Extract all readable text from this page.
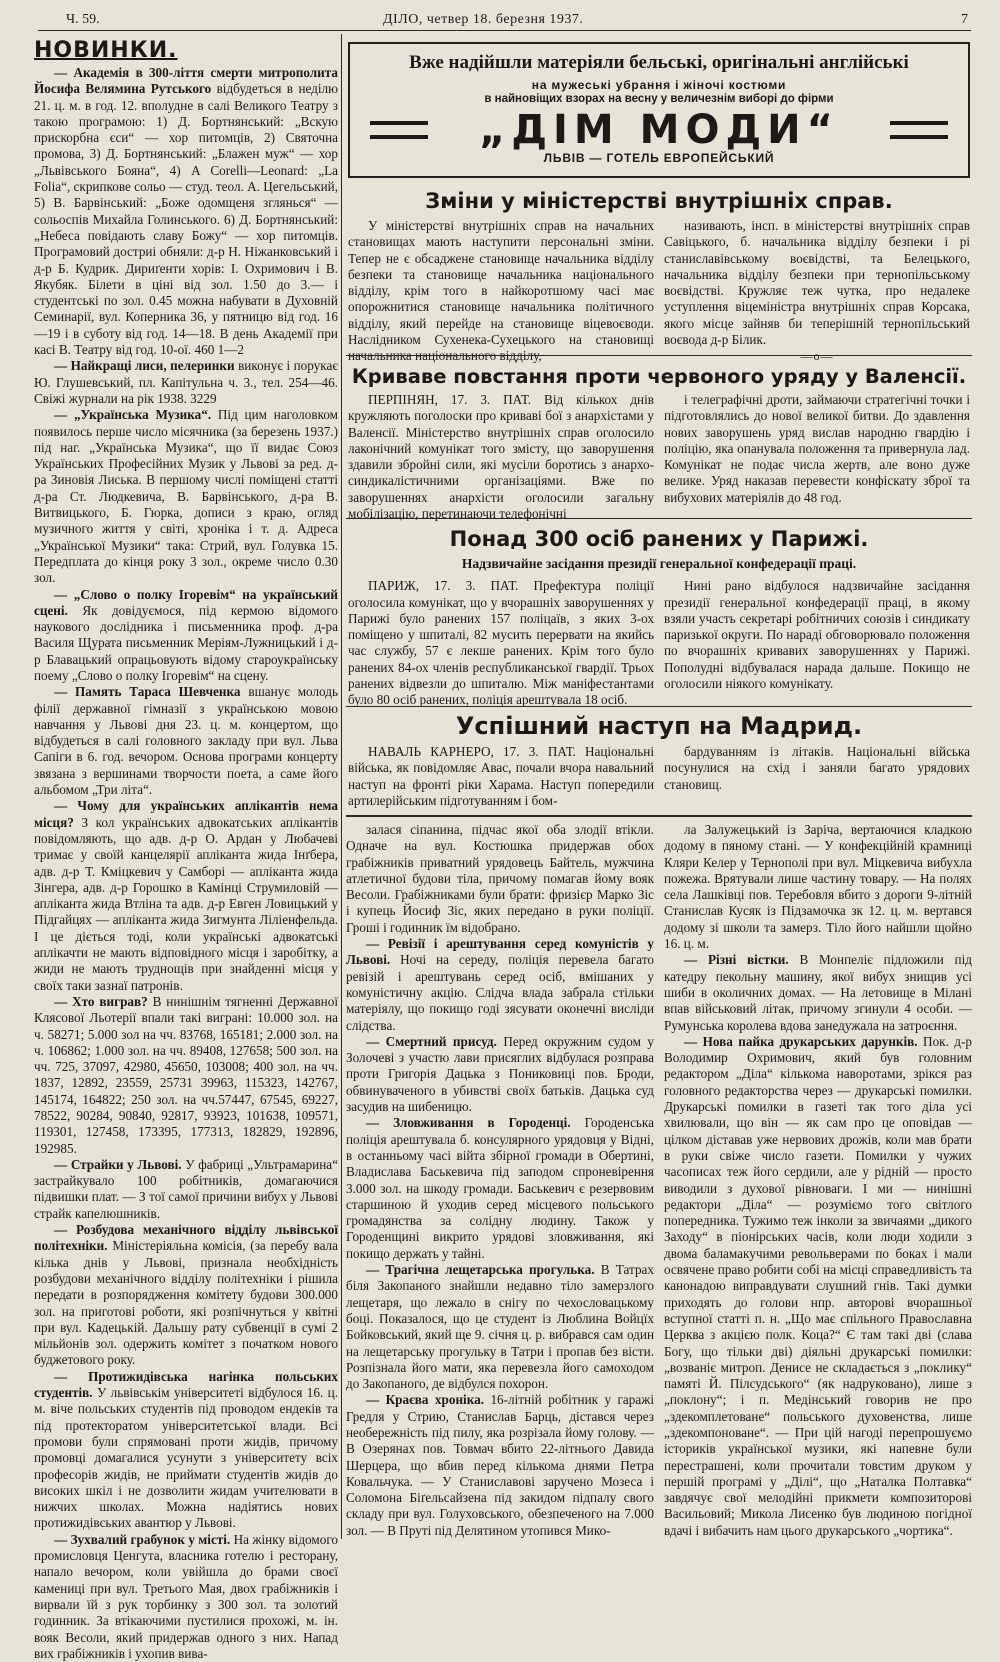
Ч. 59.	ДІЛО, четвер 18. березня 1937.	7
НОВИНКИ.

— Академія в 300-ліття смерти митрополита Йосифа Велямина Рутського відбудеться в неділю 21. ц. м. в год. 12. вполудне в салі Великого Театру з такою програмою: 1) Д. Бортнянський: „Вскую прискорбна єси“ — хор питомців, 2) Святочна промова, 3) Д. Бортнянський: „Блажен муж“ — хор „Львівського Бояна“, 4) A Corelli—Leonard: „La Folia“, скрипкове сольо — студ. теол. А. Цегельський, 5) В. Барвінський: „Боже одомщеня зглянься“ — сольоспів Михайла Голинського. 6) Д. Бортнянський: „Небеса повідають славу Божу“ — хор питомців. Програмовий достриі обняли: д-р Н. Ніжанковський і д-р Б. Кудрик. Дириґенти хорів: І. Охримович і В. Якубяк. Білети в ціні від зол. 1.50 до 3.— і студентські по зол. 0.45 можна набувати в Духовній Семинарії, вул. Коперника 36, у пятницю від год. 16—19 і в суботу від год. 14—18. В день Академії при касі В. Театру від год. 10-ої. 460 1—2

— Найкращі лиси, пелеринки виконує і порукає Ю. Глушевський, пл. Капітульна ч. 3., тел. 254—46. Свіжі журнали на рік 1938. 3229

— „Українська Музика“. Під цим наголовком появилось перше число місячника (за березень 1937.) під наг. „Українська Музика“, що її видає Союз Українських Професійних Музик у Львові за ред. д-ра Зиновія Лиська. В першому числі поміщені статті д-ра Ст. Людкевича, В. Барвінського, д-ра В. Витвицького, Б. Гюрка, дописи з краю, огляд музичного життя у світі, хроніка і т. д. Адреса „Української Музики“ така: Стрий, вул. Голувка 15. Передплата до кінця року 3 зол., окреме число 0.30 зол.

— „Слово о полку Ігоревім“ на український сцені. Як довідуємося, під кермою відомого наукового дослідника і письменника проф. д-ра Василя Щурата письменник Меріям-Лужницький і д-р Блавацький опрацьовують відому староукраїнську поему „Слово о полку Ігоревім“ на сцену.

— Память Тараса Шевченка вшанує молодь філії державної гімназії з українською мовою навчання у Львові дня 23. ц. м. концертом, що відбудеться в салі головного закладу при вул. Льва Сапіги в 6. год. вечором. Основа програми концерту звязана з вершинами творчости поета, а саме його альбомом „Три літа“.

— Чому для українських аплікантів нема місця? З кол українських адвокатських аплікантів повідомляють, що адв. д-р О. Ардан у Любачеві тримає у своїй канцелярії апліканта жида Інґбера, адв. д-р Т. Кміцкевич у Самборі — апліканта жида Зінгера, адв. д-р Горошко в Камінці Струмиловій — апліканта жида Втліна та адв. д-р Евген Ловицький у Підгайцях — апліканта жида Зигмунта Ліліенфельда. І це діється тоді, коли українські адвокатські аплікачти не мають відповідного місця і заробітку, а жиди не мають труднощів при знайденні місця у своїх таки зазнаї патронів.

— Хто виграв? В нинішнім тягненні Державної Клясової Льотерії впали такі виграні: 10.000 зол. на ч. 58271; 5.000 зол на чч. 83768, 165181; 2.000 зол. на ч. 106862; 1.000 зол. на чч. 89408, 127658; 500 зол. на чч. 725, 37097, 42980, 45650, 103008; 400 зол. на чч. 1837, 12892, 23559, 25731 39963, 115323, 142767, 145174, 164822; 250 зол. на чч.57447, 67545, 69227, 78522, 90284, 90840, 92817, 93923, 101638, 109571, 119301, 127458, 173395, 177313, 182829, 192896, 192985.

— Страйки у Львові. У фабриці „Ультрамарина“ застрайкувало 100 робітників, домагаючися підвишки плат. — З тої самої причини вибух у Львові страйк капелюшників.

— Розбудова механічного відділу львівської політехніки. Міністеріяльна комісія, (за перебу вала кілька днів у Львові, признала необхідність розбудови механічного відділу політехніки і рішила передати в розпорядження комітету будови 300.000 зол. на приготові роботи, які розпічнуться у квітні при вул. Кадецькій. Дальшу рату субвенції в сумі 2 мільйонів зол. одержить комітет з початком нового буджетового року.

— Протижидівська нагінка польських студентів. У львівськім університеті відбулося 16. ц. м. віче польських студентів під проводом ендеків та під протекторатом університетської влади. Всі промови були спрямовані проти жидів, причому промовці домагалися усунути з університету всіх професорів жидів, не приймати студентів жидів до високих шкіл і не дозволити жидам учителювати в нижчих школах. Можна надіятись нових протижидівських авантюр у Львові.

— Зухвалий грабунок у місті. На жінку відомого промисловця Ценгута, власника готелю і ресторану, напало вечором, коли увійшла до брами своєї камениці при вул. Третього Мая, двох грабіжників і вирвали їй з рук торбинку з 300 зол. та золотий годинник. За втікаючими пустилися прохожі, м. ін. вояк Весоли, який придержав одного з них. Напад вих грабіжників і ухопив вива-

Вже надійшли матеріяли бельські, оригінальні англійські
на мужеські убрання і жіночі костюми
в найновіщих взорах на весну у величезнім виборі до фірми
„ДІМ МОДИ“
ЛЬВІВ — ГОТЕЛЬ ЕВРОПЕЙСЬКИЙ
Зміни у міністерстві внутрішніх справ.

У міністерстві внутрішніх справ на начальних становищах мають наступити персональні зміни. Тепер не є обсаджене становище начальника відділу безпеки та становище начальника національного відділу, крім того в найкоротшому часі має опорожнитися становище начальника політичного відділу, який перейде на становище віцевоєводи. Наслідником Сухенека-Сухецького на становищі начальника національного відділу,

називають, інсп. в міністерстві внутрішніх справ Савіцького, б. начальника відділу безпеки і рі станиславівському воєвідстві, та Белецького, начальника відділу безпеки при тернопільському воєвідстві. Кружляє теж чутка, про недалеке уступлення віцеміністра внутрішніх справ Корсака, якого місце зайняв би теперішній тернопільський воєвода д-р Білик.

—о—
Криваве повстання проти червоного уряду у Валенсії.

ПЕРПІНЯН, 17. 3. ПАТ. Від кількох днів кружляють поголоски про криваві бої з анархістами у Валенсії. Міністерство внутрішніх справ оголосило лаконічний комунікат того змісту, що заворушення здавили збройні сили, які мусіли боротись з анархо-синдикалістичними організаціями. Вже по заворушеннях анархісти оголосили загальну мобілізацію, перетинаючи телефонічні

і телеграфічні дроти, займаючи стратегічні точки і підготовлялись до нової великої битви. До здавлення нових заворушень уряд вислав народню гвардію і поліцію, яка опанувала положення та привернула лад. Комунікат не подає числа жертв, але воно дуже велике. Уряд наказав перевести конфіскату зброї та вибухових матеріялів до 48 год.

Понад 300 осіб ранених у Парижі.
Надзвичайне засідання президії генеральної конфедерації праці.

ПАРИЖ, 17. 3. ПАТ. Префектура поліції оголосила комунікат, що у вчорашніх заворушеннях у Парижі було ранених 157 поліцаїв, з яких 3-ох поміщено у шпиталі, 82 мусить перервати на якийсь час службу, 57 є лекше ранених. Крім того було ранених 84-ох членів республиканської гвардії. Трьох ранених відвезли до шпиталю. Між маніфестантами було 80 осіб ранених, поліція арештувала 18 осіб.

Нині рано відбулося надзвичайне засідання президії генеральної конфедерації праці, в якому взяли участь секретарі робітничих союзів і синдикату паризької округи. По нараді обговорювало положення по вчорашніх кривавих заворушеннях у Парижі. Пополудні відбувалася нарада дальше. Покищо не оголосили ніякого комунікату.

Успішний наступ на Мадрид.

НАВАЛЬ КАРНЕРО, 17. 3. ПАТ. Національні війська, як повідомляє Авас, почали вчора навальний наступ на фронті ріки Харама. Наступ попередили артилерійським підготуванням і бом-

бардуванням із літаків. Національні війська посунулися на схід і заняли багато урядових становищ.

залася сіпанина, підчас якої оба злодії втікли. Одначе на вул. Костюшка придержав обох грабіжників приватний урядовець Байтель, мужчина атлетичної будови тіла, причому помагав йому вояк Весоли. Грабіжниками були брати: фризієр Марко Зіс і купець Йосиф Зіс, яких передано в руки поліції. Гроші і годинник їм відобрано.

— Ревізії і арештування серед комуністів у Львові. Ночі на середу, поліція перевела багато ревізій і арештувань серед осіб, вмішаних у комуністичну акцію. Слідча влада забрала стільки матеріялу, що покищо годі зясувати оконечні висліди слідства.

— Смертний присуд. Перед окружним судом у Золочеві з участю лави присяглих відбулася розправа проти Григорія Дацька з Пониковиці пов. Броди, обвинуваченого в убивстві своїх батьків. Дацька суд засудив на шибеницю.

— Зловживання в Городенці. Городенська поліція арештувала б. консулярного урядовця у Відні, в останньому часі війта збірної громади в Обертині, Владислава Баськевича під заподом спроневірення 3.000 зол. на шкоду громади. Баськевич є резервовим старшиною й уходив серед місцевого польського громадянства за солідну людину. Також у Городенщині викрито урядові зловживання, які покищо держать у тайні.

— Трагічна лещетарська прогулька. В Татрах біля Закопаного знайшли недавно тіло замерзлого лещетаря, що лежало в снігу по чехословацькому боці. Показалося, що це студент із Люблина Войцїх Бойковський, який ще 9. січня ц. р. вибрався сам один на лещетарську прогульку в Татри і пропав без вісти. Розпізнала його мати, яка перевезла його самоходом до Закопаного, де відбулся похорон.

— Краєва хроніка. 16-літній робітник у гаражі Гредля у Стрию, Станислав Барць, дістався через необережність під пилу, яка розрізала йому голову. — В Озерянах пов. Товмач вбито 22-літнього Давида Шерцера, що вбив перед кількома днями Петра Ковальчука. — У Станиславові заручено Мозеса і Соломона Біґельсайзена під закидом підпалу свого складу при вул. Голуховського, обезпеченого на 7.000 зол. — В Пруті під Делятином утопився Мико-

ла Залужецький із Заріча, вертаючися кладкою додому в пяному стані. — У конфекційній крамниці Кляри Келер у Тернополі при вул. Міцкевича вибухла пожежа. Врятували лише частину товару. — На полях села Лашківці пов. Теребовля вбито з дороги 9-літній Станислав Кусяк із Підзамочка зк 12. ц. м. вертався додому зі школи та замерз. Тіло його найшли щойно 16. ц. м.

— Різні вістки. В Монпеліє підложили під катедру пекольну машину, якої вибух знищив усі шиби в околичних домах. — На летовище в Мілані впав військовий літак, причому згинули 4 особи. — Румунська королева вдова занедужала на затроєння.

— Нова пайка друкарських дарунків. Пок. д-р Володимир Охримович, який був головним редактором „Діла“ кількома наворотами, зрікся раз головного редакторства через — друкарські помилки. Друкарські помилки в газеті так того діла усі хвилювали, що він — як сам про це оповідав — цілком діставав уже нервових дрожів, коли мав брати в руки свіже число газети. Помилки у чужих часописах теж його сердили, але у рідній — просто виводили з духової рівноваги. І ми — нинішні редактори „Діла“ — розуміємо того світлого попередника. Тужимо теж інколи за звичаями „дикого Заходу“ в піонірських часів, коли люди ходили з двома баламакучими револьверами по боках і мали освячене право робити собі на місці справедливість та канонадою виправдувати слушний гнів. Такі думки приходять до голови нпр. авторові вчорашньої вступної статті п. н. „Що має спільного Православна Церква з акцією полк. Коца?“ Є там такі дві (слава Богу, що тільки дві) діяльні друкарські помилки: „возваніє митроп. Денисе не складається з „поклику“ памяті Й. Пілсудського“ (як надруковано), лише з „поклону“; і п. Медінський говорив не про „здекомплетоване“ польського духовенства, лише „здекомпоноване“. — При цій нагоді перепрошуємо істориків української музики, які напевне були перестрашені, коли прочитали товстим друком у першій програмі у „Ділі“, що „Наталка Полтавка“ завдячує свої мелодійні прикмети композиторові Васильовий; Микола Лисенко був людиною погідної вдачі і вибачить нам цього друкарського „чортика“.
